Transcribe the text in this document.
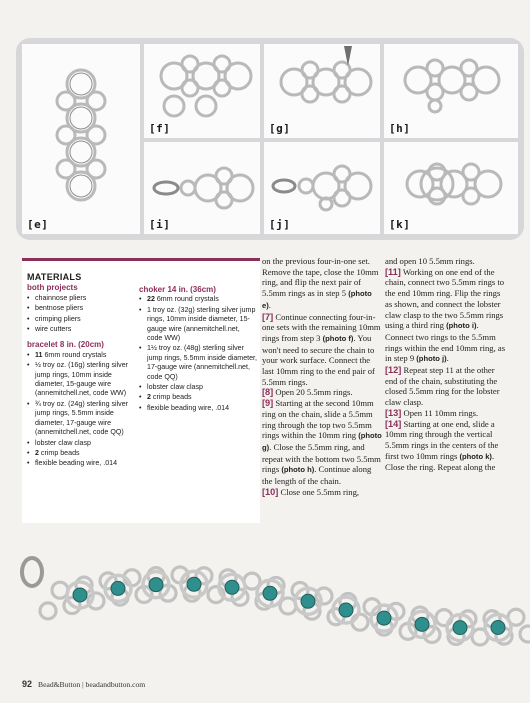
[e]
[f]	[g]	[h]
[i]	[j]	[k]
MATERIALS
both projects
• chainnose pliers
• bentnose pliers
• crimping pliers
• wire cutters
bracelet 8 in. (20cm)
• 11 6mm round crystals
• ½ troy oz. (16g) sterling silver jump rings, 10mm inside diameter, 15-gauge wire (annemitchell.net, code WW)
• ¾ troy oz. (24g) sterling silver jump rings, 5.5mm inside diameter, 17-gauge wire (annemitchell.net, code QQ)
• lobster claw clasp
• 2 crimp beads
• flexible beading wire, .014
choker 14 in. (36cm)
• 22 6mm round crystals
• 1 troy oz. (32g) sterling silver jump rings, 10mm inside diameter, 15-gauge wire (annemitchell.net, code WW)
• 1½ troy oz. (48g) sterling silver jump rings, 5.5mm inside diameter, 17-gauge wire (annemitchell.net, code QQ)
• lobster claw clasp
• 2 crimp beads
• flexible beading wire, .014
on the previous four-in-one set. Remove the tape, close the 10mm ring, and flip the next pair of 5.5mm rings as in step 5 (photo e).
[7] Continue connecting four-in-one sets with the remaining 10mm rings from step 3 (photo f). You won't need to secure the chain to your work surface. Connect the last 10mm ring to the end pair of 5.5mm rings.
[8] Open 20 5.5mm rings.
[9] Starting at the second 10mm ring on the chain, slide a 5.5mm ring through the top two 5.5mm rings within the 10mm ring (photo g). Close the 5.5mm ring, and repeat with the bottom two 5.5mm rings (photo h). Continue along the length of the chain.
[10] Close one 5.5mm ring,
and open 10 5.5mm rings.
[11] Working on one end of the chain, connect two 5.5mm rings to the end 10mm ring. Flip the rings as shown, and connect the lobster claw clasp to the two 5.5mm rings using a third ring (photo i). Connect two rings to the 5.5mm rings within the end 10mm ring, as in step 9 (photo j).
[12] Repeat step 11 at the other end of the chain, substituting the closed 5.5mm ring for the lobster claw clasp.
[13] Open 11 10mm rings.
[14] Starting at one end, slide a 10mm ring through the vertical 5.5mm rings in the centers of the first two 10mm rings (photo k). Close the ring. Repeat along the
92 Bead&Button | beadandbutton.com
